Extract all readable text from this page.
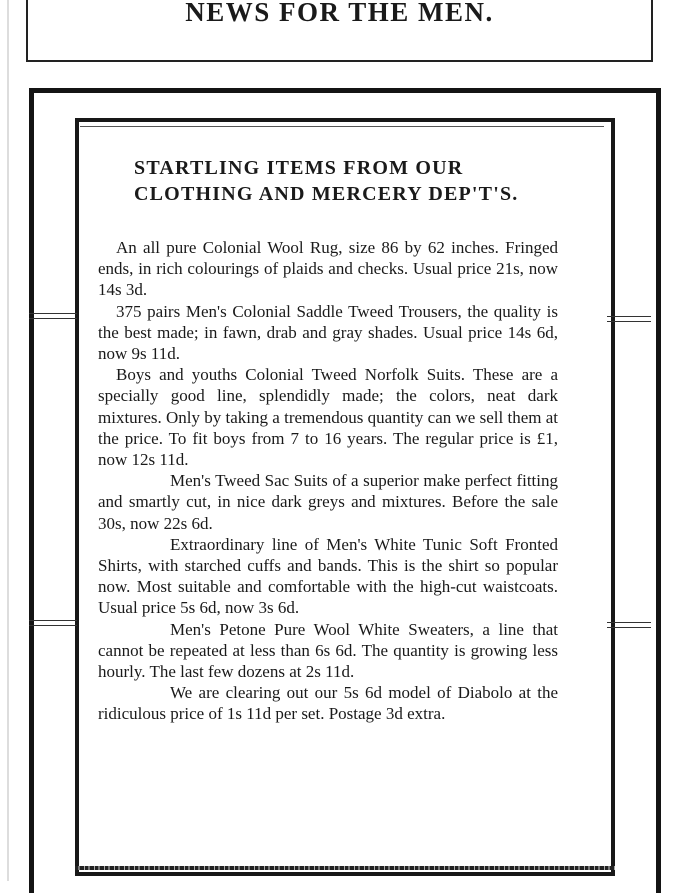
NEWS FOR THE MEN.
STARTLING ITEMS FROM OUR
CLOTHING AND MERCERY DEP'T'S.

An all pure Colonial Wool Rug, size 86 by 62 inches. Fringed ends, in rich colourings of plaids and checks. Usual price 21s, now 14s 3d.

375 pairs Men's Colonial Saddle Tweed Trousers, the quality is the best made; in fawn, drab and gray shades. Usual price 14s 6d, now 9s 11d.

Boys and youths Colonial Tweed Norfolk Suits. These are a specially good line, splendidly made; the colors, neat dark mixtures. Only by taking a tremendous quantity can we sell them at the price. To fit boys from 7 to 16 years. The regular price is £1, now 12s 11d.

Men's Tweed Sac Suits of a superior make perfect fitting and smartly cut, in nice dark greys and mixtures. Before the sale 30s, now 22s 6d.

Extraordinary line of Men's White Tunic Soft Fronted Shirts, with starched cuffs and bands. This is the shirt so popular now. Most suitable and comfortable with the high-cut waistcoats. Usual price 5s 6d, now 3s 6d.

Men's Petone Pure Wool White Sweaters, a line that cannot be repeated at less than 6s 6d. The quantity is growing less hourly. The last few dozens at 2s 11d.

We are clearing out our 5s 6d model of Diabolo at the ridiculous price of 1s 11d per set. Postage 3d extra.
